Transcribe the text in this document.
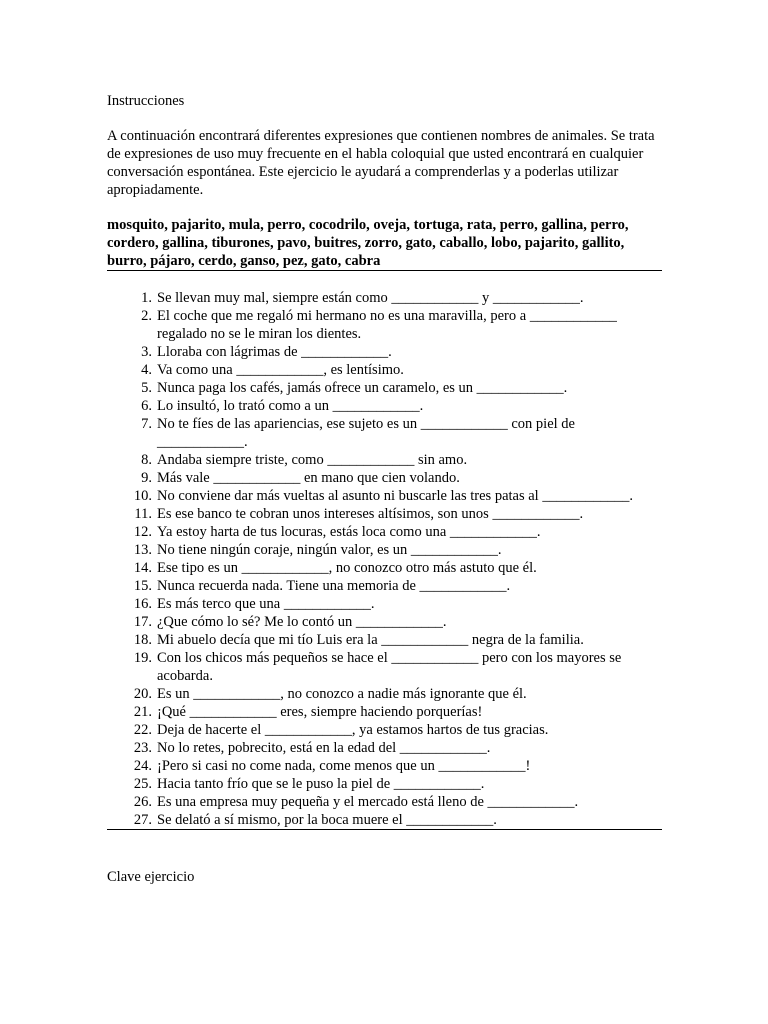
Instrucciones

A continuación encontrará diferentes expresiones que contienen nombres de animales. Se trata de expresiones de uso muy frecuente en el habla coloquial que usted encontrará en cualquier conversación espontánea. Este ejercicio le ayudará a comprenderlas y a poderlas utilizar apropiadamente.

mosquito, pajarito, mula, perro, cocodrilo, oveja, tortuga, rata, perro, gallina, perro, cordero, gallina, tiburones, pavo, buitres, zorro, gato, caballo, lobo, pajarito, gallito, burro, pájaro, cerdo, ganso, pez, gato, cabra

1. Se llevan muy mal, siempre están como ____________ y ____________.
2. El coche que me regaló mi hermano no es una maravilla, pero a ____________ regalado no se le miran los dientes.
3. Lloraba con lágrimas de ____________.
4. Va como una ____________, es lentísimo.
5. Nunca paga los cafés, jamás ofrece un caramelo, es un ____________.
6. Lo insultó, lo trató como a un ____________.
7. No te fíes de las apariencias, ese sujeto es un ____________ con piel de ____________.
8. Andaba siempre triste, como ____________ sin amo.
9. Más vale ____________ en mano que cien volando.
10. No conviene dar más vueltas al asunto ni buscarle las tres patas al ____________.
11. Es ese banco te cobran unos intereses altísimos, son unos ____________.
12. Ya estoy harta de tus locuras, estás loca como una ____________.
13. No tiene ningún coraje, ningún valor, es un ____________.
14. Ese tipo es un ____________, no conozco otro más astuto que él.
15. Nunca recuerda nada. Tiene una memoria de ____________.
16. Es más terco que una ____________.
17. ¿Que cómo lo sé? Me lo contó un ____________.
18. Mi abuelo decía que mi tío Luis era la ____________ negra de la familia.
19. Con los chicos más pequeños se hace el ____________ pero con los mayores se acobarda.
20. Es un ____________, no conozco a nadie más ignorante que él.
21. ¡Qué ____________ eres, siempre haciendo porquerías!
22. Deja de hacerte el ____________, ya estamos hartos de tus gracias.
23. No lo retes, pobrecito, está en la edad del ____________.
24. ¡Pero si casi no come nada, come menos que un ____________!
25. Hacia tanto frío que se le puso la piel de ____________.
26. Es una empresa muy pequeña y el mercado está lleno de ____________.
27. Se delató a sí mismo, por la boca muere el ____________.

Clave ejercicio
